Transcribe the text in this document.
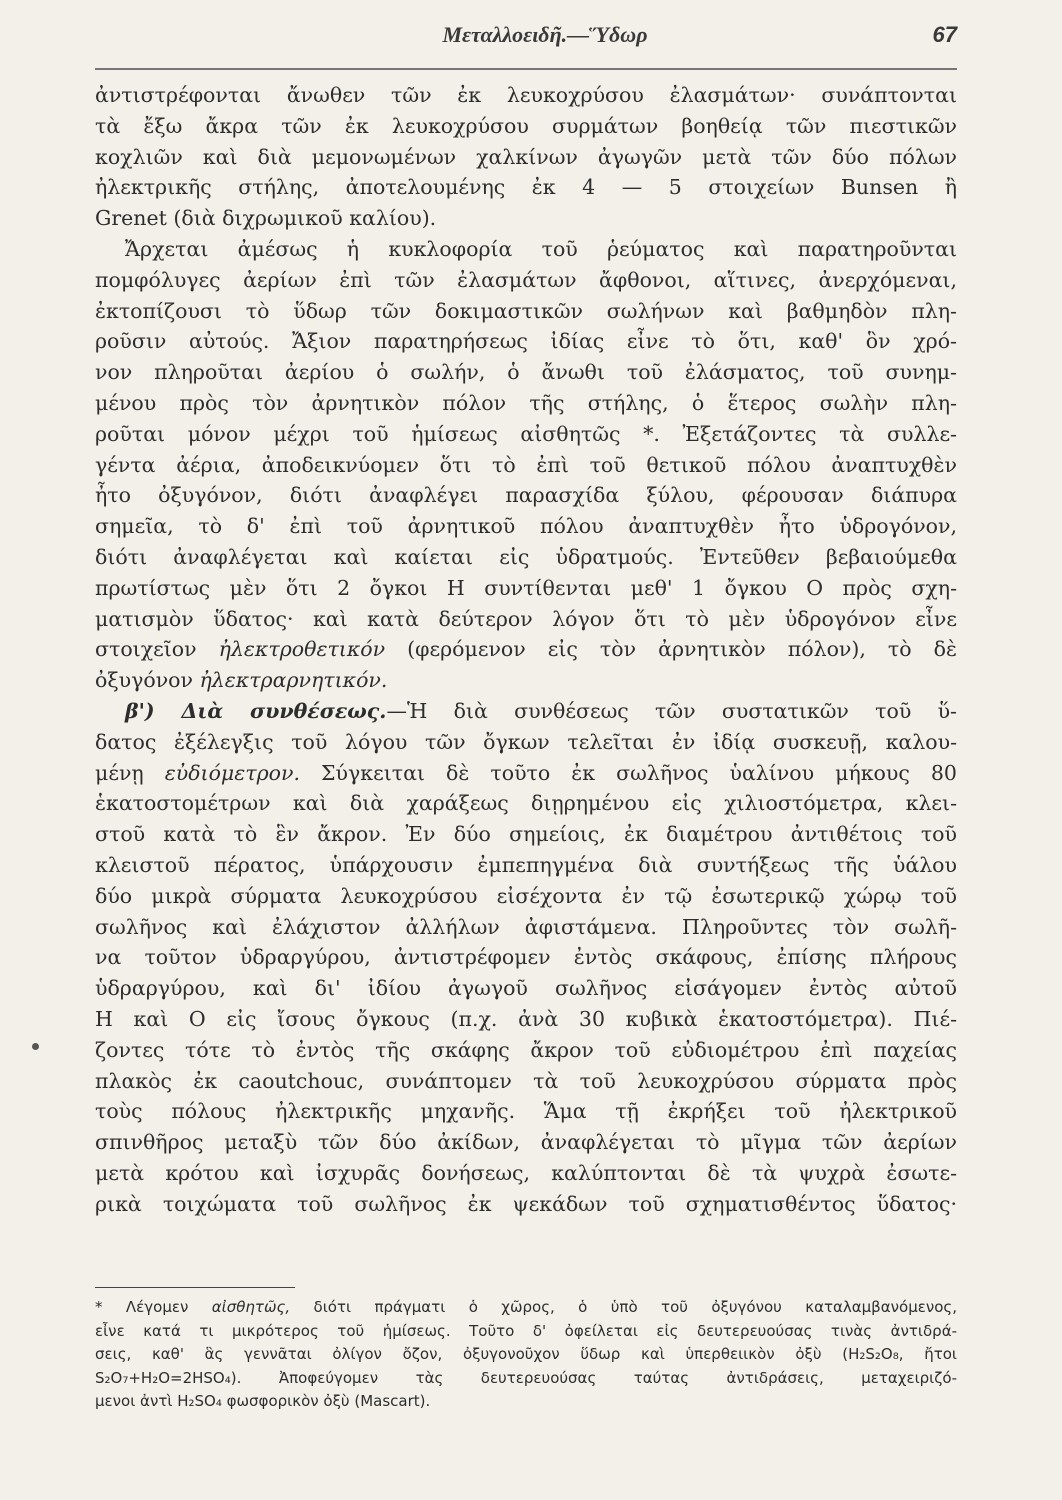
Μεταλλοειδῆ.—Ὕδωρ	67

ἀντιστρέφονται ἄνωθεν τῶν ἐκ λευκοχρύσου ἐλασμάτων· συνάπτονται
τὰ ἔξω ἄκρα τῶν ἐκ λευκοχρύσου συρμάτων βοηθείᾳ τῶν πιεστικῶν
κοχλιῶν καὶ διὰ μεμονωμένων χαλκίνων ἀγωγῶν μετὰ τῶν δύο πόλων
ἠλεκτρικῆς στήλης, ἀποτελουμένης ἐκ 4 — 5 στοιχείων Bunsen ἢ
Grenet (διὰ διχρωμικοῦ καλίου).

Ἄρχεται ἀμέσως ἡ κυκλοφορία τοῦ ῥεύματος καὶ παρατηροῦνται
πομφόλυγες ἀερίων ἐπὶ τῶν ἐλασμάτων ἄφθονοι, αἵτινες, ἀνερχόμεναι,
ἐκτοπίζουσι τὸ ὕδωρ τῶν δοκιμαστικῶν σωλήνων καὶ βαθμηδὸν πλη-
ροῦσιν αὐτούς. Ἄξιον παρατηρήσεως ἰδίας εἶνε τὸ ὅτι, καθ' ὃν χρό-
νον πληροῦται ἀερίου ὁ σωλήν, ὁ ἄνωθι τοῦ ἐλάσματος, τοῦ συνημ-
μένου πρὸς τὸν ἀρνητικὸν πόλον τῆς στήλης, ὁ ἕτερος σωλὴν πλη-
ροῦται μόνον μέχρι τοῦ ἡμίσεως αἰσθητῶς *. Ἐξετάζοντες τὰ συλλε-
γέντα ἀέρια, ἀποδεικνύομεν ὅτι τὸ ἐπὶ τοῦ θετικοῦ πόλου ἀναπτυχθὲν
ἦτο ὀξυγόνον, διότι ἀναφλέγει παρασχίδα ξύλου, φέρουσαν διάπυρα
σημεῖα, τὸ δ' ἐπὶ τοῦ ἀρνητικοῦ πόλου ἀναπτυχθὲν ἦτο ὑδρογόνον,
διότι ἀναφλέγεται καὶ καίεται εἰς ὑδρατμούς. Ἐντεῦθεν βεβαιούμεθα
πρωτίστως μὲν ὅτι 2 ὄγκοι Η συντίθενται μεθ' 1 ὄγκου Ο πρὸς σχη-
ματισμὸν ὕδατος· καὶ κατὰ δεύτερον λόγον ὅτι τὸ μὲν ὑδρογόνον εἶνε
στοιχεῖον ἠλεκτροθετικόν (φερόμενον εἰς τὸν ἀρνητικὸν πόλον), τὸ δὲ
ὀξυγόνον ἠλεκτραρνητικόν.

β') Διὰ συνθέσεως.—Ἡ διὰ συνθέσεως τῶν συστατικῶν τοῦ ὕ-
δατος ἐξέλεγξις τοῦ λόγου τῶν ὄγκων τελεῖται ἐν ἰδίᾳ συσκευῇ, καλου-
μένῃ εὐδιόμετρον. Σύγκειται δὲ τοῦτο ἐκ σωλῆνος ὑαλίνου μήκους 80
ἑκατοστομέτρων καὶ διὰ χαράξεως διῃρημένου εἰς χιλιοστόμετρα, κλει-
στοῦ κατὰ τὸ ἓν ἄκρον. Ἐν δύο σημείοις, ἐκ διαμέτρου ἀντιθέτοις τοῦ
κλειστοῦ πέρατος, ὑπάρχουσιν ἐμπεπηγμένα διὰ συντήξεως τῆς ὑάλου
δύο μικρὰ σύρματα λευκοχρύσου εἰσέχοντα ἐν τῷ ἐσωτερικῷ χώρῳ τοῦ
σωλῆνος καὶ ἐλάχιστον ἀλλήλων ἀφιστάμενα. Πληροῦντες τὸν σωλῆ-
να τοῦτον ὑδραργύρου, ἀντιστρέφομεν ἐντὸς σκάφους, ἐπίσης πλήρους
ὑδραργύρου, καὶ δι' ἰδίου ἀγωγοῦ σωλῆνος εἰσάγομεν ἐντὸς αὐτοῦ
Η καὶ Ο εἰς ἴσους ὄγκους (π.χ. ἀνὰ 30 κυβικὰ ἑκατοστόμετρα). Πιέ-
ζοντες τότε τὸ ἐντὸς τῆς σκάφης ἄκρον τοῦ εὐδιομέτρου ἐπὶ παχείας
πλακὸς ἐκ caoutchouc, συνάπτομεν τὰ τοῦ λευκοχρύσου σύρματα πρὸς
τοὺς πόλους ἠλεκτρικῆς μηχανῆς. Ἅμα τῇ ἐκρήξει τοῦ ἠλεκτρικοῦ
σπινθῆρος μεταξὺ τῶν δύο ἀκίδων, ἀναφλέγεται τὸ μῖγμα τῶν ἀερίων
μετὰ κρότου καὶ ἰσχυρᾶς δονήσεως, καλύπτονται δὲ τὰ ψυχρὰ ἐσωτε-
ρικὰ τοιχώματα τοῦ σωλῆνος ἐκ ψεκάδων τοῦ σχηματισθέντος ὕδατος·

* Λέγομεν αἰσθητῶς, διότι πράγματι ὁ χῶρος, ὁ ὑπὸ τοῦ ὀξυγόνου καταλαμβανόμενος,
εἶνε κατά τι μικρότερος τοῦ ἡμίσεως. Τοῦτο δ' ὀφείλεται εἰς δευτερευούσας τινὰς ἀντιδρά-
σεις, καθ' ἃς γεννᾶται ὀλίγον ὄζον, ὀξυγονοῦχον ὕδωρ καὶ ὑπερθειικὸν ὀξὺ (H₂S₂O₈, ἤτοι
S₂O₇+H₂O=2HSO₄). Ἀποφεύγομεν τὰς δευτερευούσας ταύτας ἀντιδράσεις, μεταχειριζό-
μενοι ἀντὶ H₂SO₄ φωσφορικὸν ὀξὺ (Mascart).
